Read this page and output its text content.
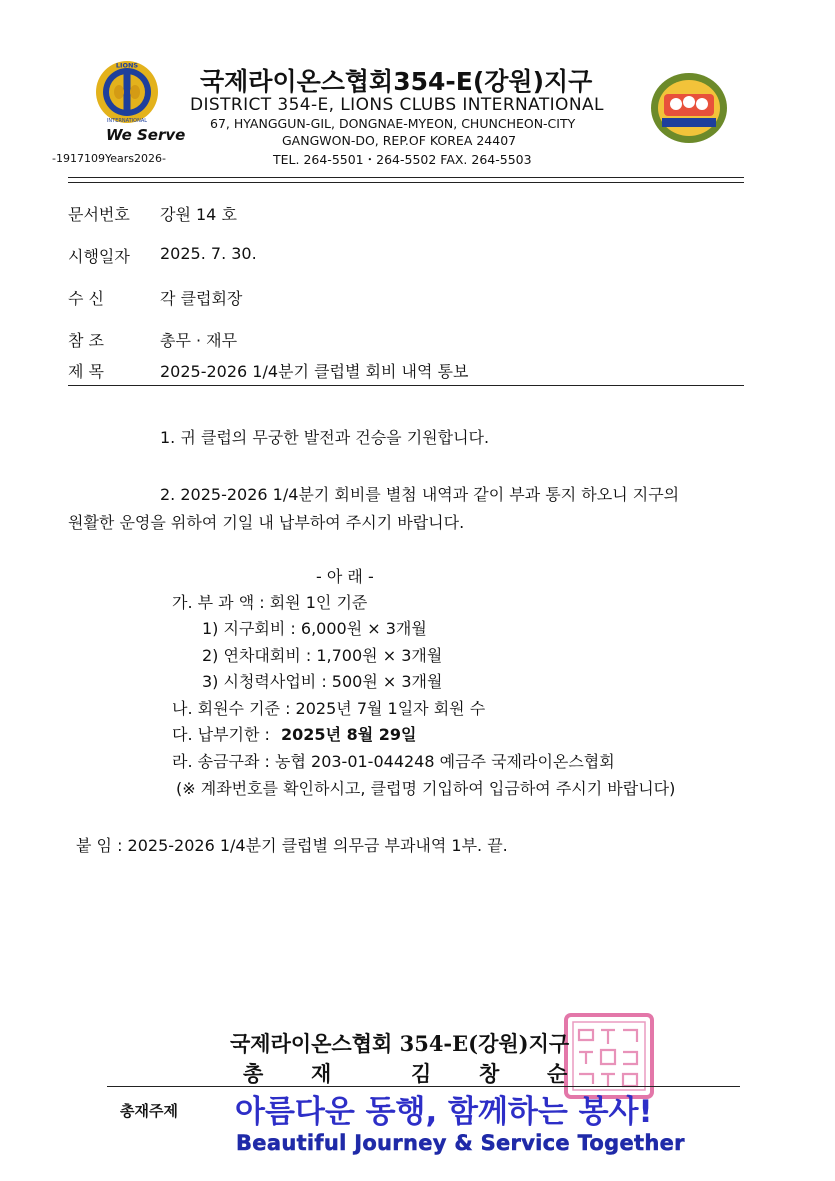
LIONS
INTERNATIONAL
We Serve
-1917109Years2026-
국제라이온스협회354-E(강원)지구
DISTRICT 354-E, LIONS CLUBS INTERNATIONAL
67, HYANGGUN-GIL, DONGNAE-MYEON, CHUNCHEON-CITY
GANGWON-DO, REP.OF KOREA 24407
TEL. 264-5501・264-5502 FAX. 264-5503
문서번호 강원 14 호
시행일자 2025. 7. 30.
수 신	각 클럽회장
참 조	총무 · 재무
제 목	2025-2026 1/4분기 클럽별 회비 내역 통보
1. 귀 클럽의 무궁한 발전과 건승을 기원합니다.
2. 2025-2026 1/4분기 회비를 별첨 내역과 같이 부과 통지 하오니 지구의
원활한 운영을 위하여 기일 내 납부하여 주시기 바랍니다.
- 아 래 -
가. 부 과 액 : 회원 1인 기준
1) 지구회비 : 6,000원 × 3개월
2) 연차대회비 : 1,700원 × 3개월
3) 시청력사업비 : 500원 × 3개월
나. 회원수 기준 : 2025년 7월 1일자 회원 수
다. 납부기한 : 2025년 8월 29일
라. 송금구좌 : 농협 203-01-044248 예금주 국제라이온스협회
(※ 계좌번호를 확인하시고, 클럽명 기입하여 입금하여 주시기 바랍니다)
붙 임 : 2025-2026 1/4분기 클럽별 의무금 부과내역 1부. 끝.
국제라이온스협회 354-E(강원)지구
총 재	김 창 순
총재주제 아름다운 동행, 함께하는 봉사!
Beautiful Journey & Service Together
